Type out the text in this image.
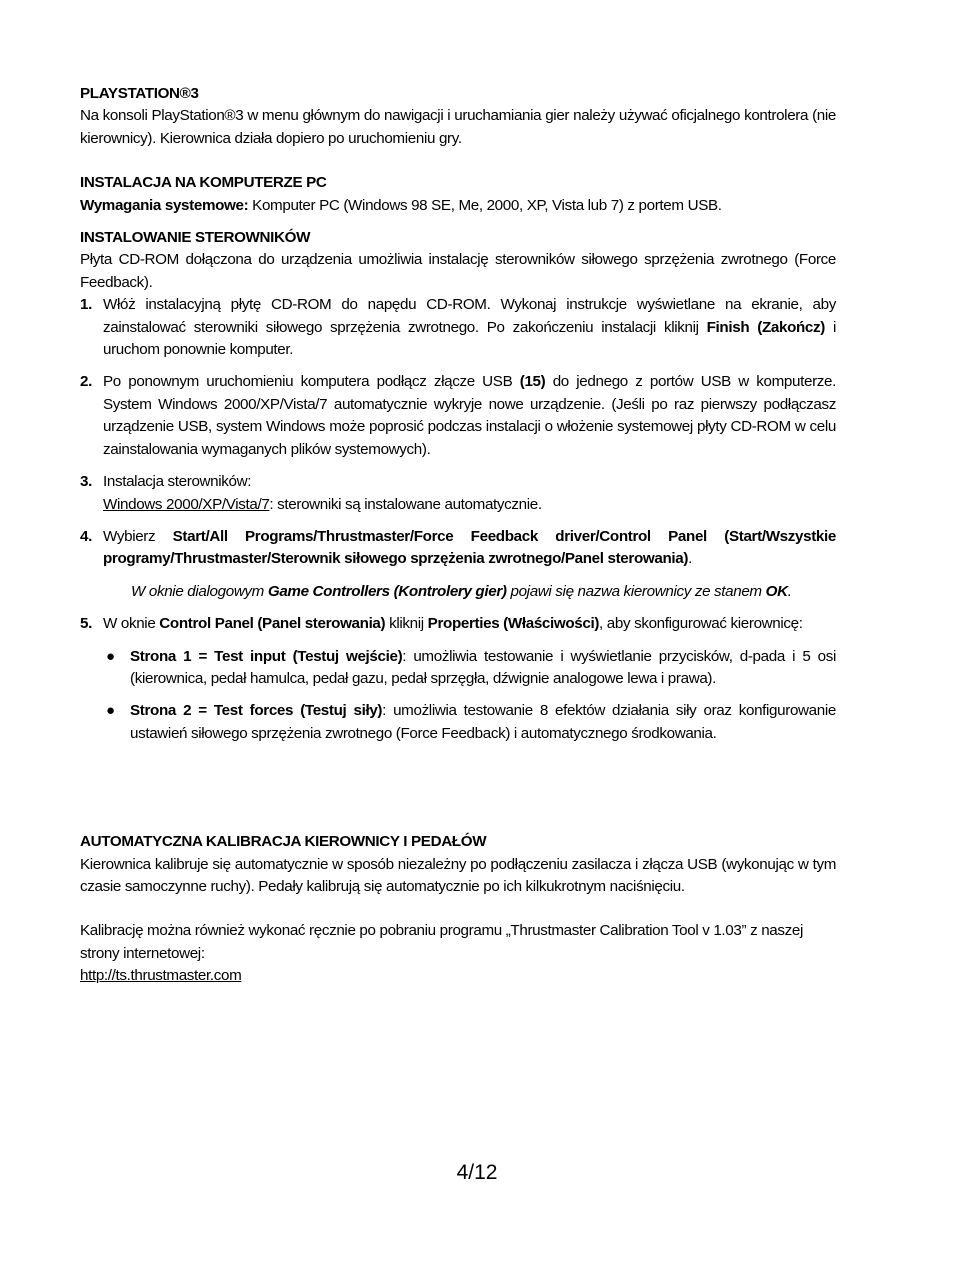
PLAYSTATION®3

Na konsoli PlayStation®3 w menu głównym do nawigacji i uruchamiania gier należy używać oficjalnego kontrolera (nie kierownicy). Kierownica działa dopiero po uruchomieniu gry.

INSTALACJA NA KOMPUTERZE PC

Wymagania systemowe: Komputer PC (Windows 98 SE, Me, 2000, XP, Vista lub 7) z portem USB.

INSTALOWANIE STEROWNIKÓW

Płyta CD-ROM dołączona do urządzenia umożliwia instalację sterowników siłowego sprzężenia zwrotnego (Force Feedback).

1. Włóż instalacyjną płytę CD-ROM do napędu CD-ROM. Wykonaj instrukcje wyświetlane na ekranie, aby zainstalować sterowniki siłowego sprzężenia zwrotnego. Po zakończeniu instalacji kliknij Finish (Zakończ) i uruchom ponownie komputer.
2. Po ponownym uruchomieniu komputera podłącz złącze USB (15) do jednego z portów USB w komputerze. System Windows 2000/XP/Vista/7 automatycznie wykryje nowe urządzenie. (Jeśli po raz pierwszy podłączasz urządzenie USB, system Windows może poprosić podczas instalacji o włożenie systemowej płyty CD-ROM w celu zainstalowania wymaganych plików systemowych).
3. Instalacja sterowników:
Windows 2000/XP/Vista/7: sterowniki są instalowane automatycznie.
4. Wybierz Start/All Programs/Thrustmaster/Force Feedback driver/Control Panel (Start/Wszystkie programy/Thrustmaster/Sterownik siłowego sprzężenia zwrotnego/Panel sterowania).
W oknie dialogowym Game Controllers (Kontrolery gier) pojawi się nazwa kierownicy ze stanem OK.
5. W oknie Control Panel (Panel sterowania) kliknij Properties (Właściwości), aby skonfigurować kierownicę:
● Strona 1 = Test input (Testuj wejście): umożliwia testowanie i wyświetlanie przycisków, d-pada i 5 osi (kierownica, pedał hamulca, pedał gazu, pedał sprzęgła, dźwignie analogowe lewa i prawa).
● Strona 2 = Test forces (Testuj siły): umożliwia testowanie 8 efektów działania siły oraz konfigurowanie ustawień siłowego sprzężenia zwrotnego (Force Feedback) i automatycznego środkowania.
AUTOMATYCZNA KALIBRACJA KIEROWNICY I PEDAŁÓW

Kierownica kalibruje się automatycznie w sposób niezależny po podłączeniu zasilacza i złącza USB (wykonując w tym czasie samoczynne ruchy). Pedały kalibrują się automatycznie po ich kilkukrotnym naciśnięciu.

Kalibrację można również wykonać ręcznie po pobraniu programu „Thrustmaster Calibration Tool v 1.03” z naszej strony internetowej:

http://ts.thrustmaster.com

4/12
